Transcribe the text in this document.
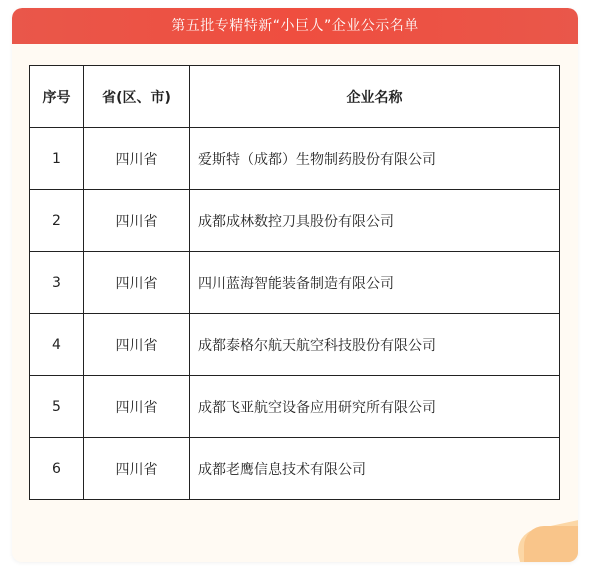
第五批专精特新“小巨人”企业公示名单
序号	省(区、市)	企业名称
1	四川省	爱斯特（成都）生物制药股份有限公司
2	四川省	成都成林数控刀具股份有限公司
3	四川省	四川蓝海智能装备制造有限公司
4	四川省	成都泰格尔航天航空科技股份有限公司
5	四川省	成都飞亚航空设备应用研究所有限公司
6	四川省	成都老鹰信息技术有限公司
